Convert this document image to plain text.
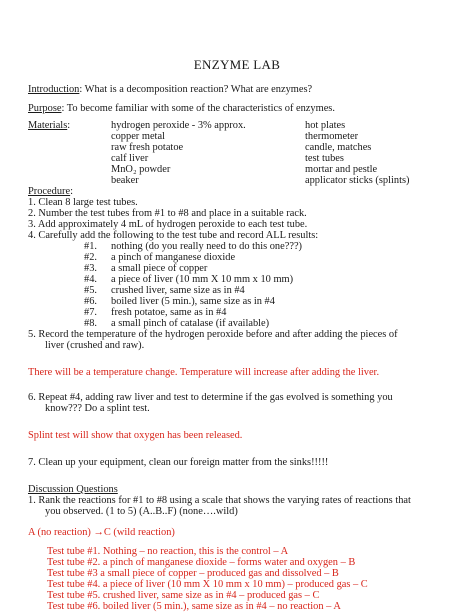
ENZYME LAB
Introduction: What is a decomposition reaction? What are enzymes?
Purpose: To become familiar with some of the characteristics of enzymes.
Materials:	hydrogen peroxide - 3% approx.
copper metal
raw fresh potatoe
calf liver
MnO₂ powder
beaker
hot plates
thermometer
candle, matches
test tubes
mortar and pestle
applicator sticks (splints)
Procedure:
1. Clean 8 large test tubes.
2. Number the test tubes from #1 to #8 and place in a suitable rack.
3. Add approximately 4 mL of hydrogen peroxide to each test tube.
4. Carefully add the following to the test tube and record ALL results:
#1. nothing (do you really need to do this one???)
#2. a pinch of manganese dioxide
#3. a small piece of copper
#4. a piece of liver (10 mm X 10 mm x 10 mm)
#5. crushed liver, same size as in #4
#6. boiled liver (5 min.), same size as in #4
#7. fresh potatoe, same as in #4
#8. a small pinch of catalase (if available)
5. Record the temperature of the hydrogen peroxide before and after adding the pieces of
liver (crushed and raw).
There will be a temperature change. Temperature will increase after adding the liver.
6. Repeat #4, adding raw liver and test to determine if the gas evolved is something you
know??? Do a splint test.
Splint test will show that oxygen has been released.
7. Clean up your equipment, clean our foreign matter from the sinks!!!!!
Discussion Questions
1. Rank the reactions for #1 to #8 using a scale that shows the varying rates of reactions that
you observed. (1 to 5) (A..B..F) (none….wild)
A (no reaction) →C (wild reaction)
Test tube #1. Nothing – no reaction, this is the control – A
Test tube #2. a pinch of manganese dioxide – forms water and oxygen – B
Test tube #3 a small piece of copper – produced gas and dissolved – B
Test tube #4. a piece of liver (10 mm X 10 mm x 10 mm) – produced gas – C
Test tube #5. crushed liver, same size as in #4 – produced gas – C
Test tube #6. boiled liver (5 min.), same size as in #4 – no reaction – A
